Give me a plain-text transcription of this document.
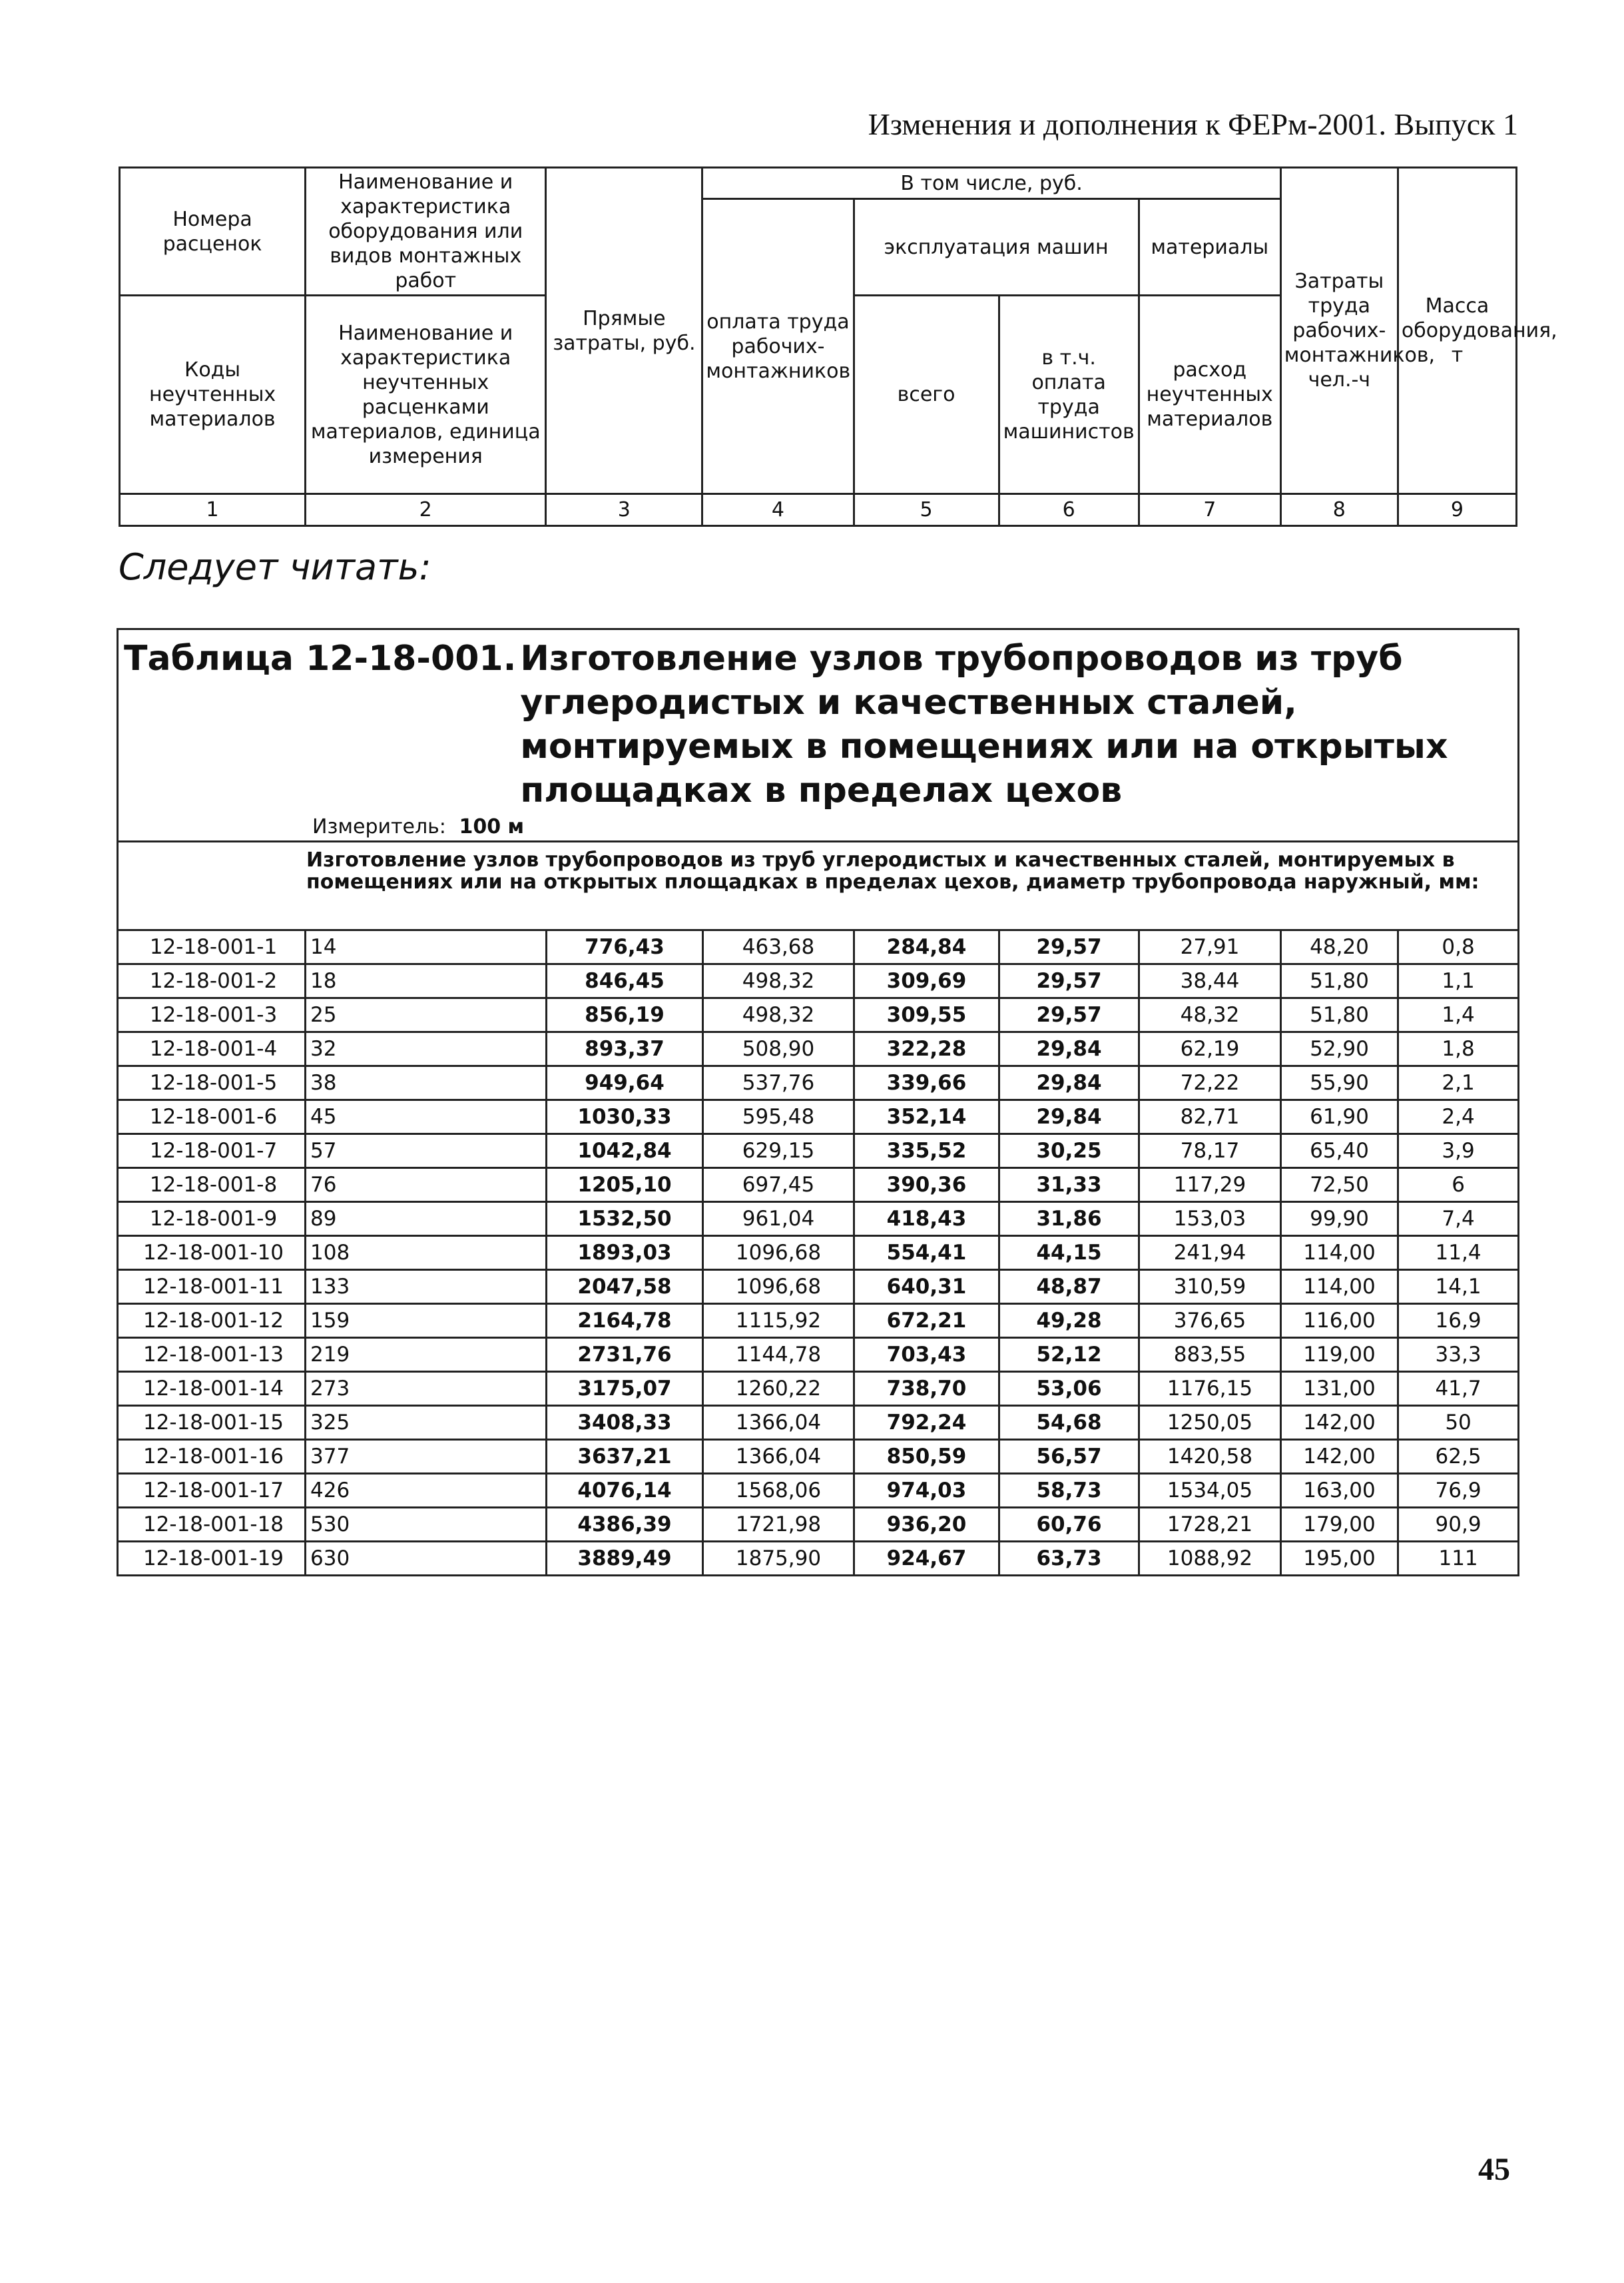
Изменения и дополнения к ФЕРм-2001. Выпуск 1
Номера расценок	Наименование и характеристика оборудования или видов монтажных работ	Прямые затраты, руб.	В том числе, руб.				Затраты труда рабочих-монтажников, чел.-ч	Масса оборудования, т
			оплата труда рабочих-монтажников	эксплуатация машин		материалы		
Коды неучтенных материалов	Наименование и характеристика неучтенных расценками материалов, единица измерения			всего	в т.ч. оплата труда машинистов	расход неучтенных материалов		

1	2	3	4	5	6	7	8	9
Следует читать:
Таблица 12-18-001. Изготовление узлов трубопроводов из труб углеродистых и качественных сталей, монтируемых в помещениях или на открытых площадках в пределах цехов
Измеритель: 100 м								

Изготовление узлов трубопроводов из труб углеродистых и качественных сталей, монтируемых в помещениях или на открытых площадках в пределах цехов, диаметр трубопровода наружный, мм:								
12-18-001-1	14	776,43	463,68	284,84	29,57	27,91	48,20	0,8
12-18-001-2	18	846,45	498,32	309,69	29,57	38,44	51,80	1,1
12-18-001-3	25	856,19	498,32	309,55	29,57	48,32	51,80	1,4
12-18-001-4	32	893,37	508,90	322,28	29,84	62,19	52,90	1,8
12-18-001-5	38	949,64	537,76	339,66	29,84	72,22	55,90	2,1
12-18-001-6	45	1030,33	595,48	352,14	29,84	82,71	61,90	2,4
12-18-001-7	57	1042,84	629,15	335,52	30,25	78,17	65,40	3,9
12-18-001-8	76	1205,10	697,45	390,36	31,33	117,29	72,50	6
12-18-001-9	89	1532,50	961,04	418,43	31,86	153,03	99,90	7,4
12-18-001-10	108	1893,03	1096,68	554,41	44,15	241,94	114,00	11,4
12-18-001-11	133	2047,58	1096,68	640,31	48,87	310,59	114,00	14,1
12-18-001-12	159	2164,78	1115,92	672,21	49,28	376,65	116,00	16,9
12-18-001-13	219	2731,76	1144,78	703,43	52,12	883,55	119,00	33,3
12-18-001-14	273	3175,07	1260,22	738,70	53,06	1176,15	131,00	41,7
12-18-001-15	325	3408,33	1366,04	792,24	54,68	1250,05	142,00	50
12-18-001-16	377	3637,21	1366,04	850,59	56,57	1420,58	142,00	62,5
12-18-001-17	426	4076,14	1568,06	974,03	58,73	1534,05	163,00	76,9
12-18-001-18	530	4386,39	1721,98	936,20	60,76	1728,21	179,00	90,9
12-18-001-19	630	3889,49	1875,90	924,67	63,73	1088,92	195,00	111
45
